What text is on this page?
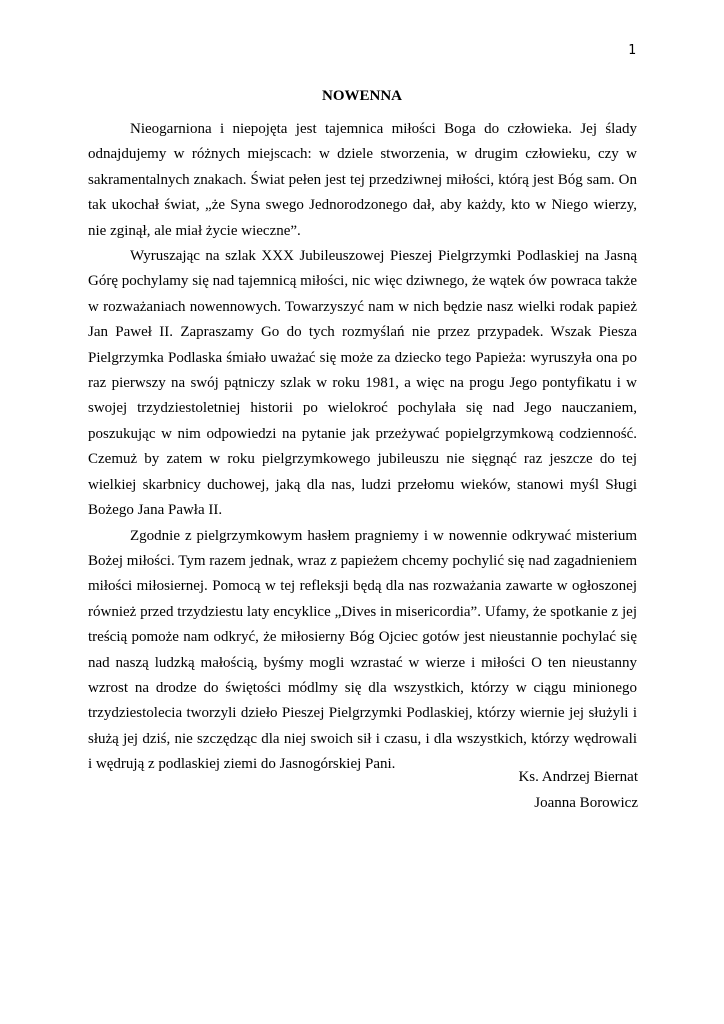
1
NOWENNA

Nieogarniona i niepojęta jest tajemnica miłości Boga do człowieka. Jej ślady odnajdujemy w różnych miejscach: w dziele stworzenia, w drugim człowieku, czy w sakramentalnych znakach. Świat pełen jest tej przedziwnej miłości, którą jest Bóg sam. On tak ukochał świat, „że Syna swego Jednorodzonego dał, aby każdy, kto w Niego wierzy, nie zginął, ale miał życie wieczne”.

Wyruszając na szlak XXX Jubileuszowej Pieszej Pielgrzymki Podlaskiej na Jasną Górę pochylamy się nad tajemnicą miłości, nic więc dziwnego, że wątek ów powraca także w rozważaniach nowennowych. Towarzyszyć nam w nich będzie nasz wielki rodak papież Jan Paweł II. Zapraszamy Go do tych rozmyślań nie przez przypadek. Wszak Piesza Pielgrzymka Podlaska śmiało uważać się może za dziecko tego Papieża: wyruszyła ona po raz pierwszy na swój pątniczy szlak w roku 1981, a więc na progu Jego pontyfikatu i w swojej trzydziestoletniej historii po wielokroć pochylała się nad Jego nauczaniem, poszukując w nim odpowiedzi na pytanie jak przeżywać popielgrzymkową codzienność. Czemuż by zatem w roku pielgrzymkowego jubileuszu nie sięgnąć raz jeszcze do tej wielkiej skarbnicy duchowej, jaką dla nas, ludzi przełomu wieków, stanowi myśl Sługi Bożego Jana Pawła II.

Zgodnie z pielgrzymkowym hasłem pragniemy i w nowennie odkrywać misterium Bożej miłości. Tym razem jednak, wraz z papieżem chcemy pochylić się nad zagadnieniem miłości miłosiernej. Pomocą w tej refleksji będą dla nas rozważania zawarte w ogłoszonej również przed trzydziestu laty encyklice „Dives in misericordia”. Ufamy, że spotkanie z jej treścią pomoże nam odkryć, że miłosierny Bóg Ojciec gotów jest nieustannie pochylać się nad naszą ludzką małością, byśmy mogli wzrastać w wierze i miłości O ten nieustanny wzrost na drodze do świętości módlmy się dla wszystkich, którzy w ciągu minionego trzydziestolecia tworzyli dzieło Pieszej Pielgrzymki Podlaskiej, którzy wiernie jej służyli i służą jej dziś, nie szczędząc dla niej swoich sił i czasu, i dla wszystkich, którzy wędrowali i wędrują z podlaskiej ziemi do Jasnogórskiej Pani.

Ks. Andrzej Biernat
Joanna Borowicz
